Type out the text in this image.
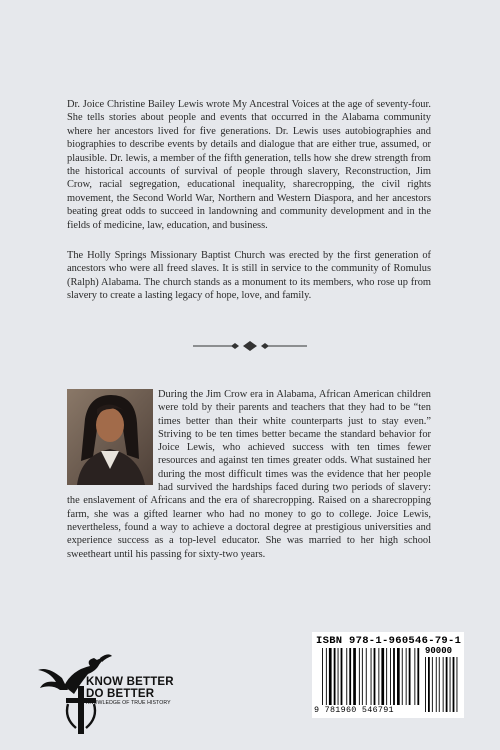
Dr. Joice Christine Bailey Lewis wrote My Ancestral Voices at the age of seventy-four. She tells stories about people and events that occurred in the Alabama community where her ancestors lived for five generations. Dr. Lewis uses autobiographies and biographies to describe events by details and dialogue that are either true, assumed, or plausible. Dr. lewis, a member of the fifth generation, tells how she drew strength from the historical accounts of survival of people through slavery, Reconstruction, Jim Crow, racial segregation, educational inequality, sharecropping, the civil rights movement, the Second World War, Northern and Western Diaspora, and her ancestors beating great odds to succeed in landowning and community development and in the fields of medicine, law, education, and business.

The Holly Springs Missionary Baptist Church was erected by the first generation of ancestors who were all freed slaves. It is still in service to the community of Romulus (Ralph) Alabama. The church stands as a monument to its members, who rose up from slavery to create a lasting legacy of hope, love, and family.

During the Jim Crow era in Alabama, African American children were told by their parents and teachers that they had to be “ten times better than their white counterparts just to stay even.” Striving to be ten times better became the standard behavior for Joice Lewis, who achieved success with ten times fewer resources and against ten times greater odds. What sustained her during the most difficult times was the evidence that her people had survived the hardships faced during two periods of slavery: the enslavement of Africans and the era of sharecropping. Raised on a sharecropping farm, she was a gifted learner who had no money to go to college. Joice Lewis, nevertheless, found a way to achieve a doctoral degree at prestigious universities and experience success as a top-level educator. She was married to her high school sweetheart until his passing for sixty-two years.

KNOW BETTER
DO BETTER
KNOWLEDGE OF TRUE HISTORY
ISBN 978-1-960546-79-1
90000
9 781960 546791
